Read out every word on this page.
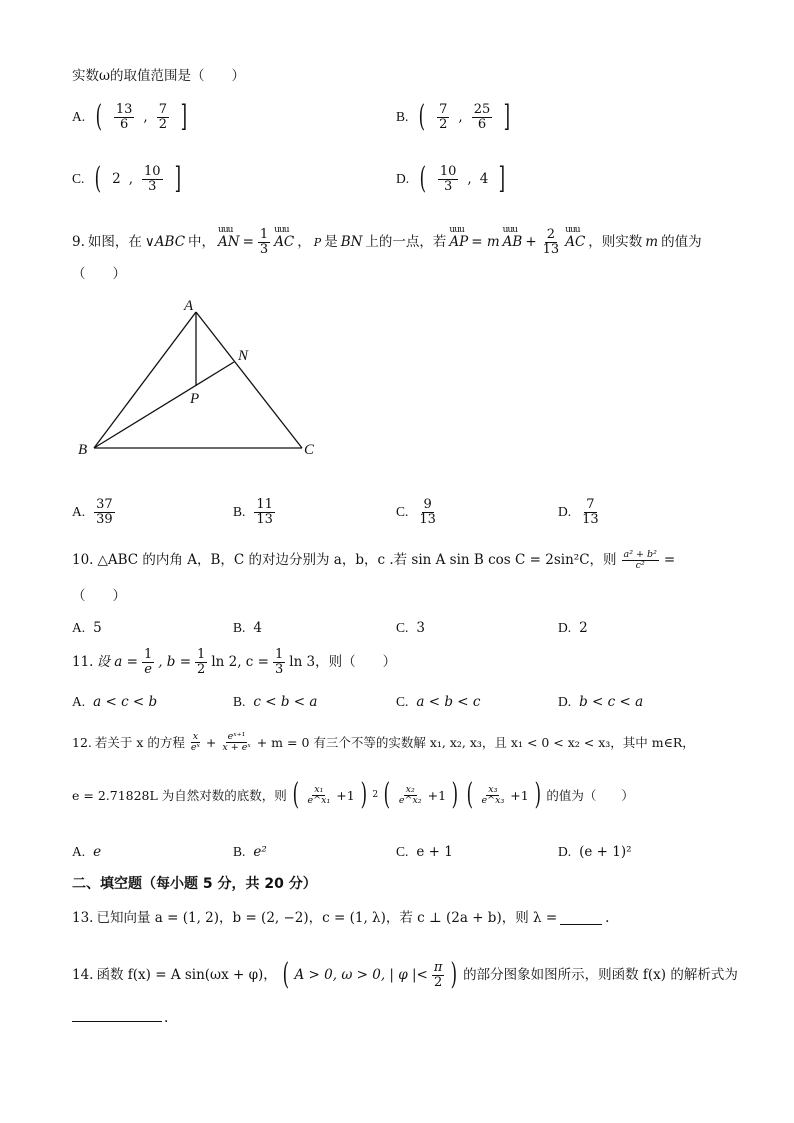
实数ω的取值范围是（　　）
A. ( $\frac{13}{6}$ , $\frac{7}{2}$ ]	B. ( $\frac{7}{2}$ , $\frac{25}{6}$ ]
C. ( 2 , $\frac{10}{3}$ ]	D. ( $\frac{10}{3}$ , 4 ]
9. 如图，在 ∨ABC 中， uuu AN = $\frac{1}{3}$ uuu AC ， P 是 BN 上的一点，若 uuu AP = m uuu AB + $\frac{2}{13}$ uuu AC ，则实数 m 的值为
（　　）
A
N
P
B	C
A. $\frac{37}{39}$	B. $\frac{11}{13}$	C. $\frac{9}{13}$	D. $\frac{7}{13}$
10. △ABC 的内角 A，B，C 的对边分别为 a，b，c .若 sin A sin B cos C = 2sin²C，则 $\frac{\text{a² + b²}}{\text{c²}}$ =
（　　）
A. 5	B. 4	C. 3	D. 2
11. 设 $a = \frac{1}{e}$ , $b = \frac{1}{2}$ ln 2, $c = \frac{1}{3}$ ln 3，则（　　）
A. a < c < b	B. c < b < a	C. a < b < c	D. b < c < a
12. 若关于 x 的方程 $\frac{x}{\text{eˣ}} + \frac{\text{eˣ⁺¹}}{\text{x + eˣ}} + m = 0$ 有三个不等的实数解 x₁, x₂, x₃，且 x₁ < 0 < x₂ < x₃，其中 m∈R，
e = 2.71828L 为自然对数的底数，则 ( $\frac{\text{x₁}}{\text{e\textasciicircum{}x₁}} +1$ ) 2 ( $\frac{\text{x₂}}{\text{e\textasciicircum{}x₂}} +1$ ) ( $\frac{\text{x₃}}{\text{e\textasciicircum{}x₃}} +1$ ) 的值为（　　）
A. e	B. e²	C. e + 1	D. (e + 1)²
二、填空题（每小题 5 分，共 20 分）
13. 已知向量 a = (1, 2)，b = (2, −2)，c = (1, λ)，若 c ⊥ (2a + b)，则 λ =	.
14. 函数 f(x) = A sin(ωx + φ)， ( A > 0, ω > 0, | φ |< $\frac{\pi}{2}$ ) 的部分图象如图所示，则函数 f(x) 的解析式为
.
